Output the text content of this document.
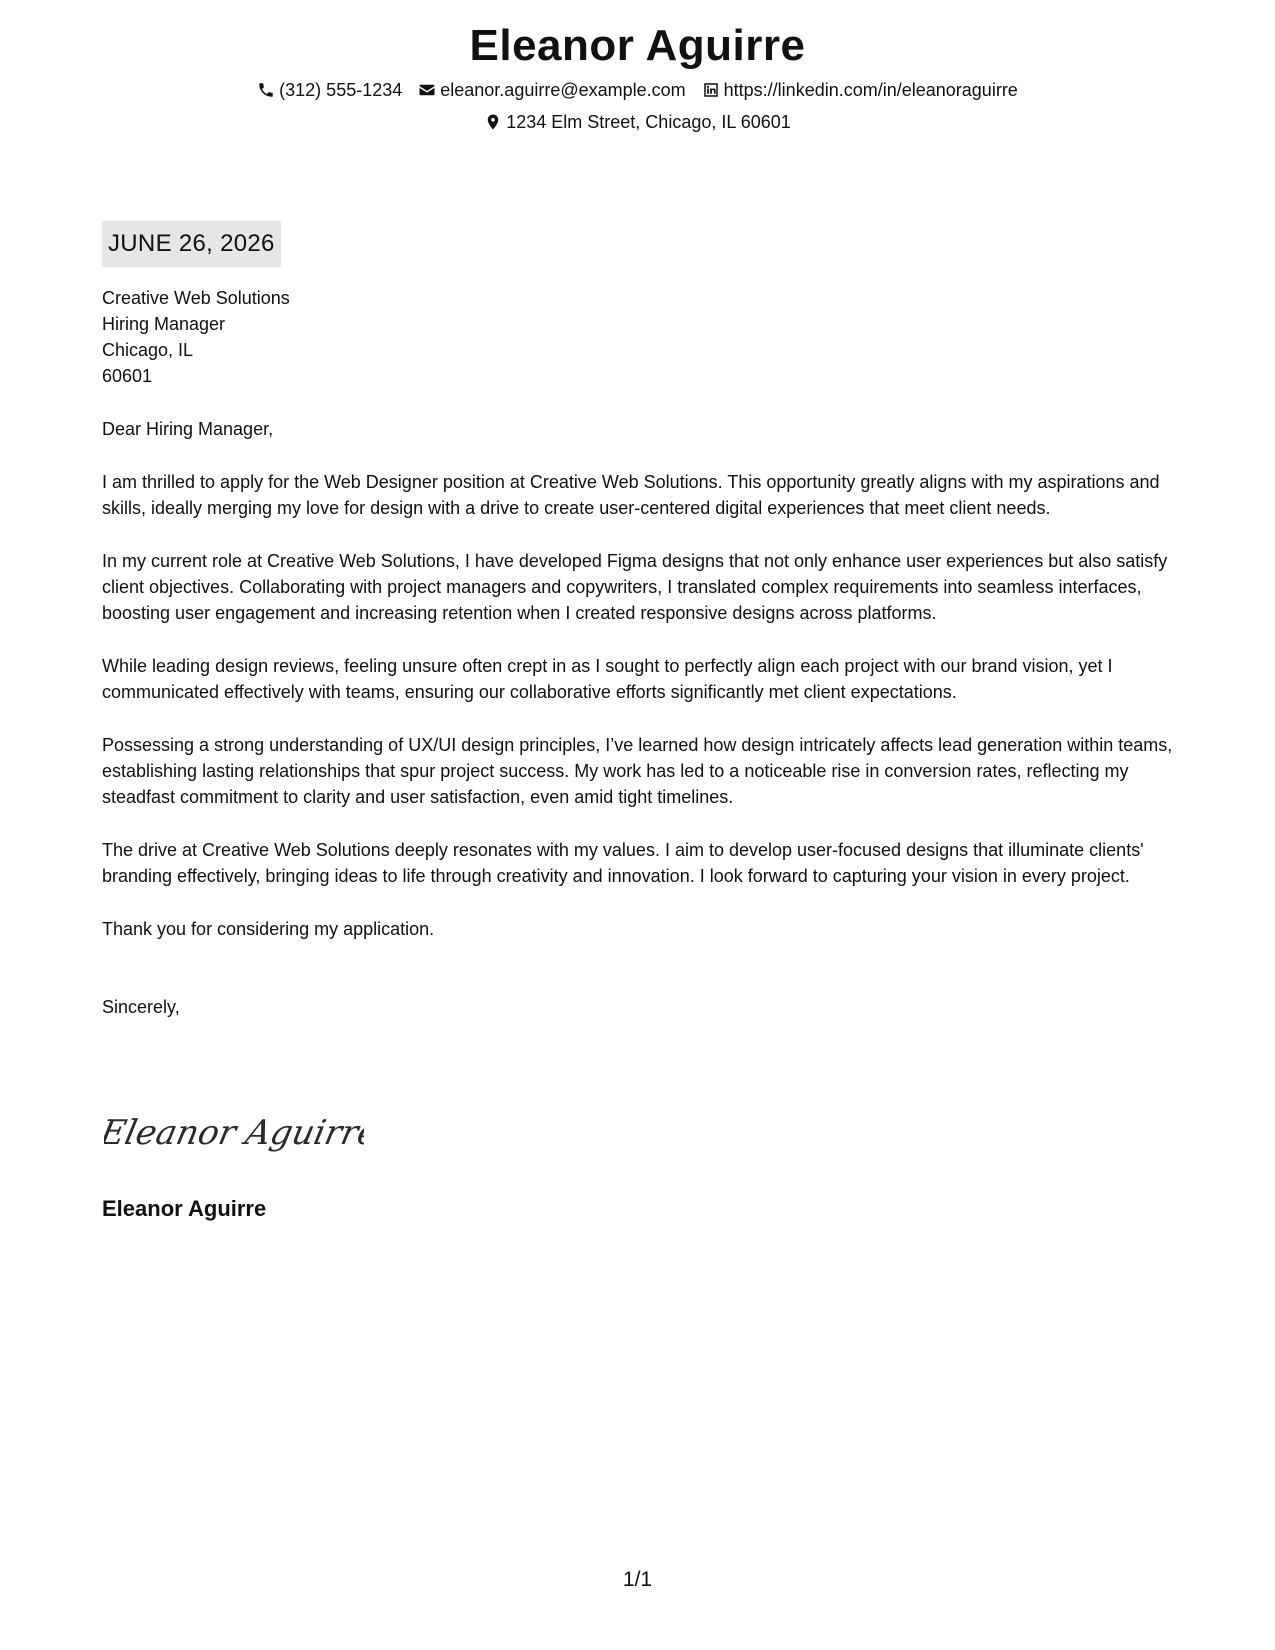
Eleanor Aguirre
(312) 555-1234 eleanor.aguirre@example.com https://linkedin.com/in/eleanoraguirre
1234 Elm Street, Chicago, IL 60601
JUNE 26, 2026
Creative Web Solutions
Hiring Manager
Chicago, IL
60601

Dear Hiring Manager,

I am thrilled to apply for the Web Designer position at Creative Web Solutions. This opportunity greatly aligns with my aspirations and skills, ideally merging my love for design with a drive to create user-centered digital experiences that meet client needs.

In my current role at Creative Web Solutions, I have developed Figma designs that not only enhance user experiences but also satisfy client objectives. Collaborating with project managers and copywriters, I translated complex requirements into seamless interfaces, boosting user engagement and increasing retention when I created responsive designs across platforms.

While leading design reviews, feeling unsure often crept in as I sought to perfectly align each project with our brand vision, yet I communicated effectively with teams, ensuring our collaborative efforts significantly met client expectations.

Possessing a strong understanding of UX/UI design principles, I’ve learned how design intricately affects lead generation within teams, establishing lasting relationships that spur project success. My work has led to a noticeable rise in conversion rates, reflecting my steadfast commitment to clarity and user satisfaction, even amid tight timelines.

The drive at Creative Web Solutions deeply resonates with my values. I aim to develop user-focused designs that illuminate clients' branding effectively, bringing ideas to life through creativity and innovation. I look forward to capturing your vision in every project.

Thank you for considering my application.

Sincerely,

Eleanor Aguirre
Eleanor Aguirre
1/1
